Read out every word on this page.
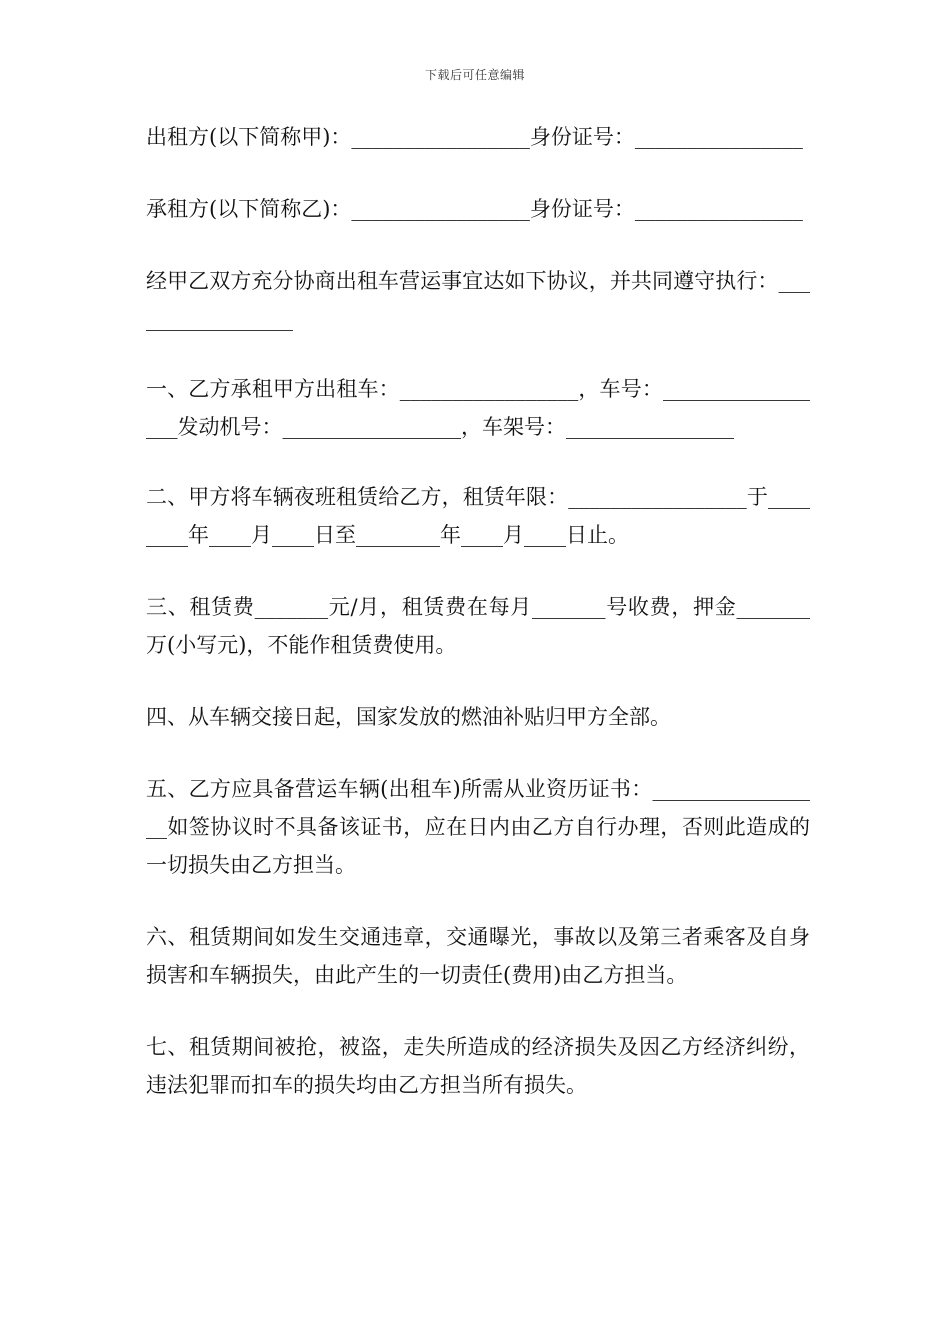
下载后可任意编辑

出租方(以下简称甲)：_________________身份证号：________________

承租方(以下简称乙)：_________________身份证号：________________

经甲乙双方充分协商出租车营运事宜达如下协议，并共同遵守执行：_________________

一、乙方承租甲方出租车：_________________，车号：_________________发动机号：_________________，车架号：________________

二、甲方将车辆夜班租赁给乙方，租赁年限：_________________于________年____月____日至________年____月____日止。

三、租赁费_______元/月，租赁费在每月_______号收费，押金_______万(小写元)，不能作租赁费使用。

四、从车辆交接日起，国家发放的燃油补贴归甲方全部。

五、乙方应具备营运车辆(出租车)所需从业资历证书：_________________如签协议时不具备该证书，应在日内由乙方自行办理，否则此造成的一切损失由乙方担当。

六、租赁期间如发生交通违章，交通曝光，事故以及第三者乘客及自身损害和车辆损失，由此产生的一切责任(费用)由乙方担当。

七、租赁期间被抢，被盗，走失所造成的经济损失及因乙方经济纠纷，违法犯罪而扣车的损失均由乙方担当所有损失。
